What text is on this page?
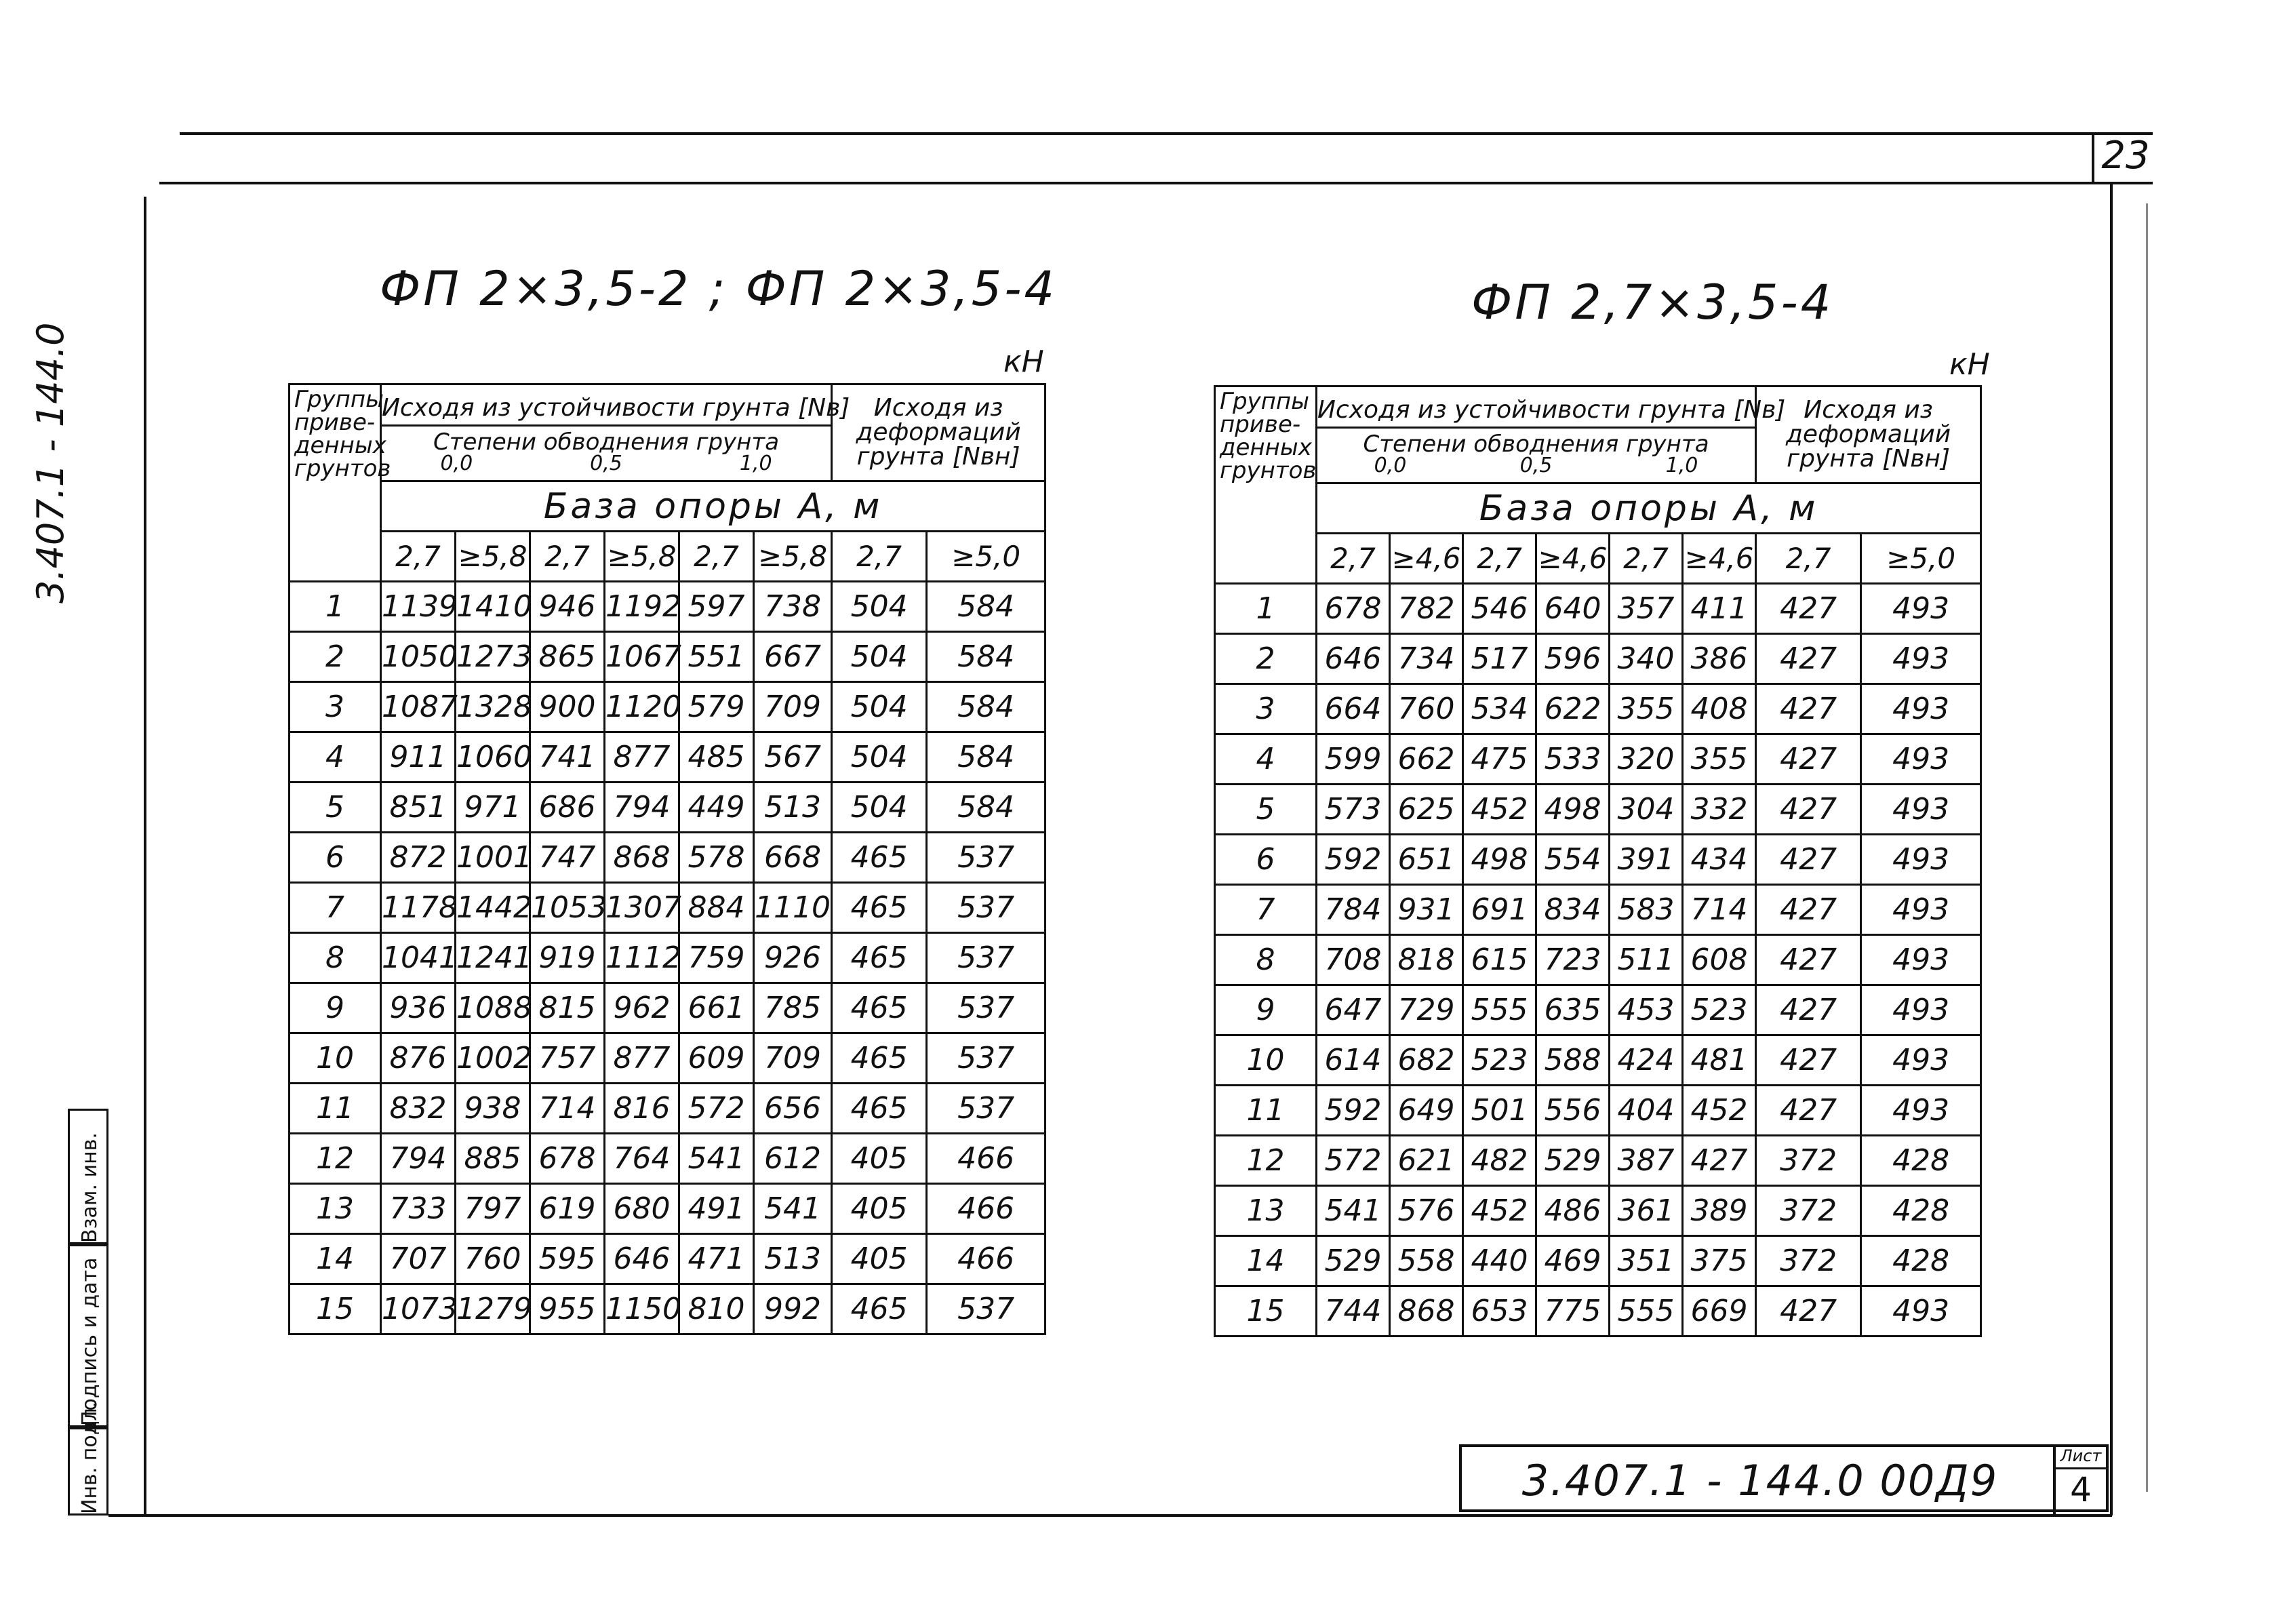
23
3.407.1 - 144.0
Взам. инв.
Подпись и дата
Инв. подл.
ФП 2×3,5-2 ; ФП 2×3,5-4
кН
Группы приве-денных грунтов	Исходя из устойчивости грунта [Nв]
Степени обводнения грунта
0,0 0,5 1,0						Исходя из деформаций грунта [Nвн]	
	База опоры А, м							
	2,7	≥5,8	2,7	≥5,8	2,7	≥5,8	2,7	≥5,0
1	1139	1410	946	1192	597	738	504	584
2	1050	1273	865	1067	551	667	504	584
3	1087	1328	900	1120	579	709	504	584
4	911	1060	741	877	485	567	504	584
5	851	971	686	794	449	513	504	584
6	872	1001	747	868	578	668	465	537
7	1178	1442	1053	1307	884	1110	465	537
8	1041	1241	919	1112	759	926	465	537
9	936	1088	815	962	661	785	465	537
10	876	1002	757	877	609	709	465	537
11	832	938	714	816	572	656	465	537
12	794	885	678	764	541	612	405	466
13	733	797	619	680	491	541	405	466
14	707	760	595	646	471	513	405	466
15	1073	1279	955	1150	810	992	465	537
ФП 2,7×3,5-4
кН
Группы приве-денных грунтов	Исходя из устойчивости грунта [Nв]
Степени обводнения грунта
0,0 0,5 1,0						Исходя из деформаций грунта [Nвн]	
	База опоры А, м							
	2,7	≥4,6	2,7	≥4,6	2,7	≥4,6	2,7	≥5,0
1	678	782	546	640	357	411	427	493
2	646	734	517	596	340	386	427	493
3	664	760	534	622	355	408	427	493
4	599	662	475	533	320	355	427	493
5	573	625	452	498	304	332	427	493
6	592	651	498	554	391	434	427	493
7	784	931	691	834	583	714	427	493
8	708	818	615	723	511	608	427	493
9	647	729	555	635	453	523	427	493
10	614	682	523	588	424	481	427	493
11	592	649	501	556	404	452	427	493
12	572	621	482	529	387	427	372	428
13	541	576	452	486	361	389	372	428
14	529	558	440	469	351	375	372	428
15	744	868	653	775	555	669	427	493
3.407.1 - 144.0 00Д9	Лист
4
